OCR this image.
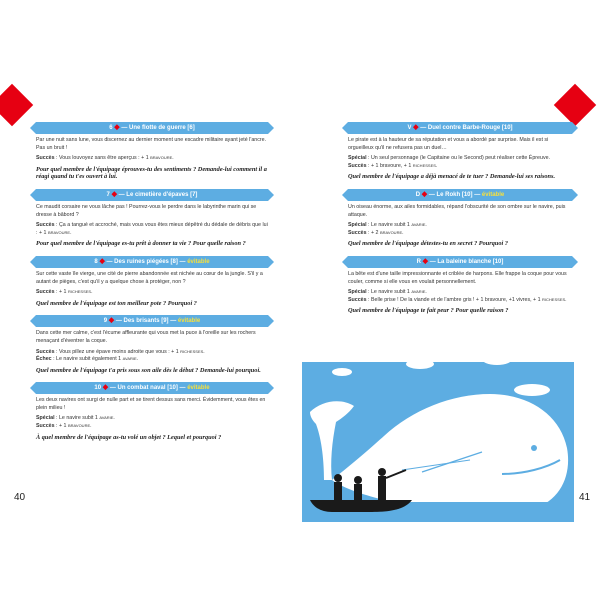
6 ◆ — Une flotte de guerre [6]

Par une nuit sans lune, vous discernez au dernier moment une escadre militaire ayant jeté l'ancre. Pas un bruit !

Succès : Vous louvoyez sans être aperçus : + 1 bravoure.

Pour quel membre de l'équipage éprouves-tu des sentiments ? Demande-lui comment il a réagi quand tu t'es ouvert à lui.

7 ◆ — Le cimetière d'épaves [7]

Ce maudit corsaire ne vous lâche pas ! Pourrez-vous le perdre dans le labyrinthe marin qui se dresse à bâbord ?

Succès : Ça a tangué et accroché, mais vous vous êtes mieux dépêtré du dédale de débris que lui : + 1 bravoure.

Pour quel membre de l'équipage es-tu prêt à donner ta vie ? Pour quelle raison ?

8 ◆ — Des ruines piégées [8] — évitable

Sur cette vaste île vierge, une cité de pierre abandonnée est nichée au cœur de la jungle. S'il y a autant de pièges, c'est qu'il y a quelque chose à protéger, non ?

Succès : + 1 richesses.

Quel membre de l'équipage est ton meilleur pote ? Pourquoi ?

9 ◆ — Des brisants [9] — évitable

Dans cette mer calme, c'est l'écume affleurante qui vous met la puce à l'oreille sur les rochers menaçant d'éventrer la coque.

Succès : Vous pillez une épave moins adroite que vous : + 1 richesses.

Échec : Le navire subit également 1 avarie.

Quel membre de l'équipage t'a pris sous son aile dès le début ? Demande-lui pourquoi.

10 ◆ — Un combat naval [10] — évitable

Les deux navires ont surgi de nulle part et se tirent dessus sans merci. Évidemment, vous êtes en plein milieu !

Spécial : Le navire subit 1 avarie.

Succès : + 1 bravoure.

À quel membre de l'équipage as-tu volé un objet ? Lequel et pourquoi ?

40
V ◆ — Duel contre Barbe-Rouge [10]

Le pirate est à la hauteur de sa réputation et vous a abordé par surprise. Mais il est si orgueilleux qu'il ne refusera pas un duel…

Spécial : Un seul personnage (le Capitaine ou le Second) peut réaliser cette Épreuve.

Succès : + 1 bravoure, + 1 richesses.

Quel membre de l'équipage a déjà menacé de te tuer ? Demande-lui ses raisons.

D ◆ — Le Rokh [10] — évitable

Un oiseau énorme, aux ailes formidables, répand l'obscurité de son ombre sur le navire, puis attaque.

Spécial : Le navire subit 1 avarie.

Succès : + 2 bravoure.

Quel membre de l'équipage détestes-tu en secret ? Pourquoi ?

R ◆ — La baleine blanche [10]

La bête est d'une taille impressionnante et criblée de harpons. Elle frappe la coque pour vous couler, comme si elle vous en voulait personnellement.

Spécial : Le navire subit 1 avarie.

Succès : Belle prise ! De la viande et de l'ambre gris ! + 1 bravoure, +1 vivres, + 1 richesses.

Quel membre de l'équipage te fait peur ? Pour quelle raison ?

41
